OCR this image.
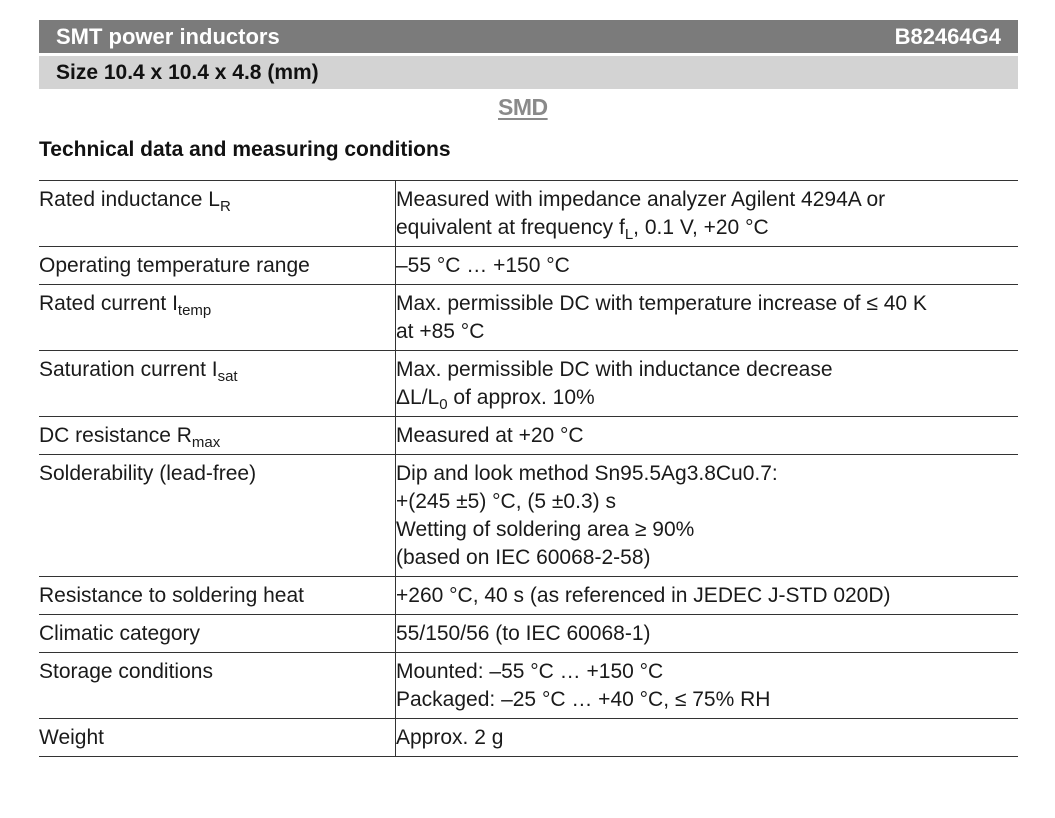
SMT power inductors	B82464G4
Size 10.4 x 10.4 x 4.8 (mm)
SMD
Technical data and measuring conditions
Rated inductance $L_R$	Measured with impedance analyzer Agilent 4294A or
equivalent at frequency $f_L$, 0.1 V, +20 °C

Operating temperature range	–55 °C … +150 °C

Rated current $I_{temp}$	Max. permissible DC with temperature increase of ≤ 40 K
at +85 °C

Saturation current $I_{sat}$	Max. permissible DC with inductance decrease
$\Delta L/L_0$ of approx. 10%

DC resistance $R_{max}$	Measured at +20 °C

Solderability (lead-free)	Dip and look method Sn95.5Ag3.8Cu0.7:
+(245 ±5) °C, (5 ±0.3) s
Wetting of soldering area ≥ 90%
(based on IEC 60068-2-58)

Resistance to soldering heat	+260 °C, 40 s (as referenced in JEDEC J-STD 020D)

Climatic category	55/150/56 (to IEC 60068-1)

Storage conditions	Mounted: –55 °C … +150 °C
Packaged: –25 °C … +40 °C, ≤ 75% RH

Weight	Approx. 2 g
